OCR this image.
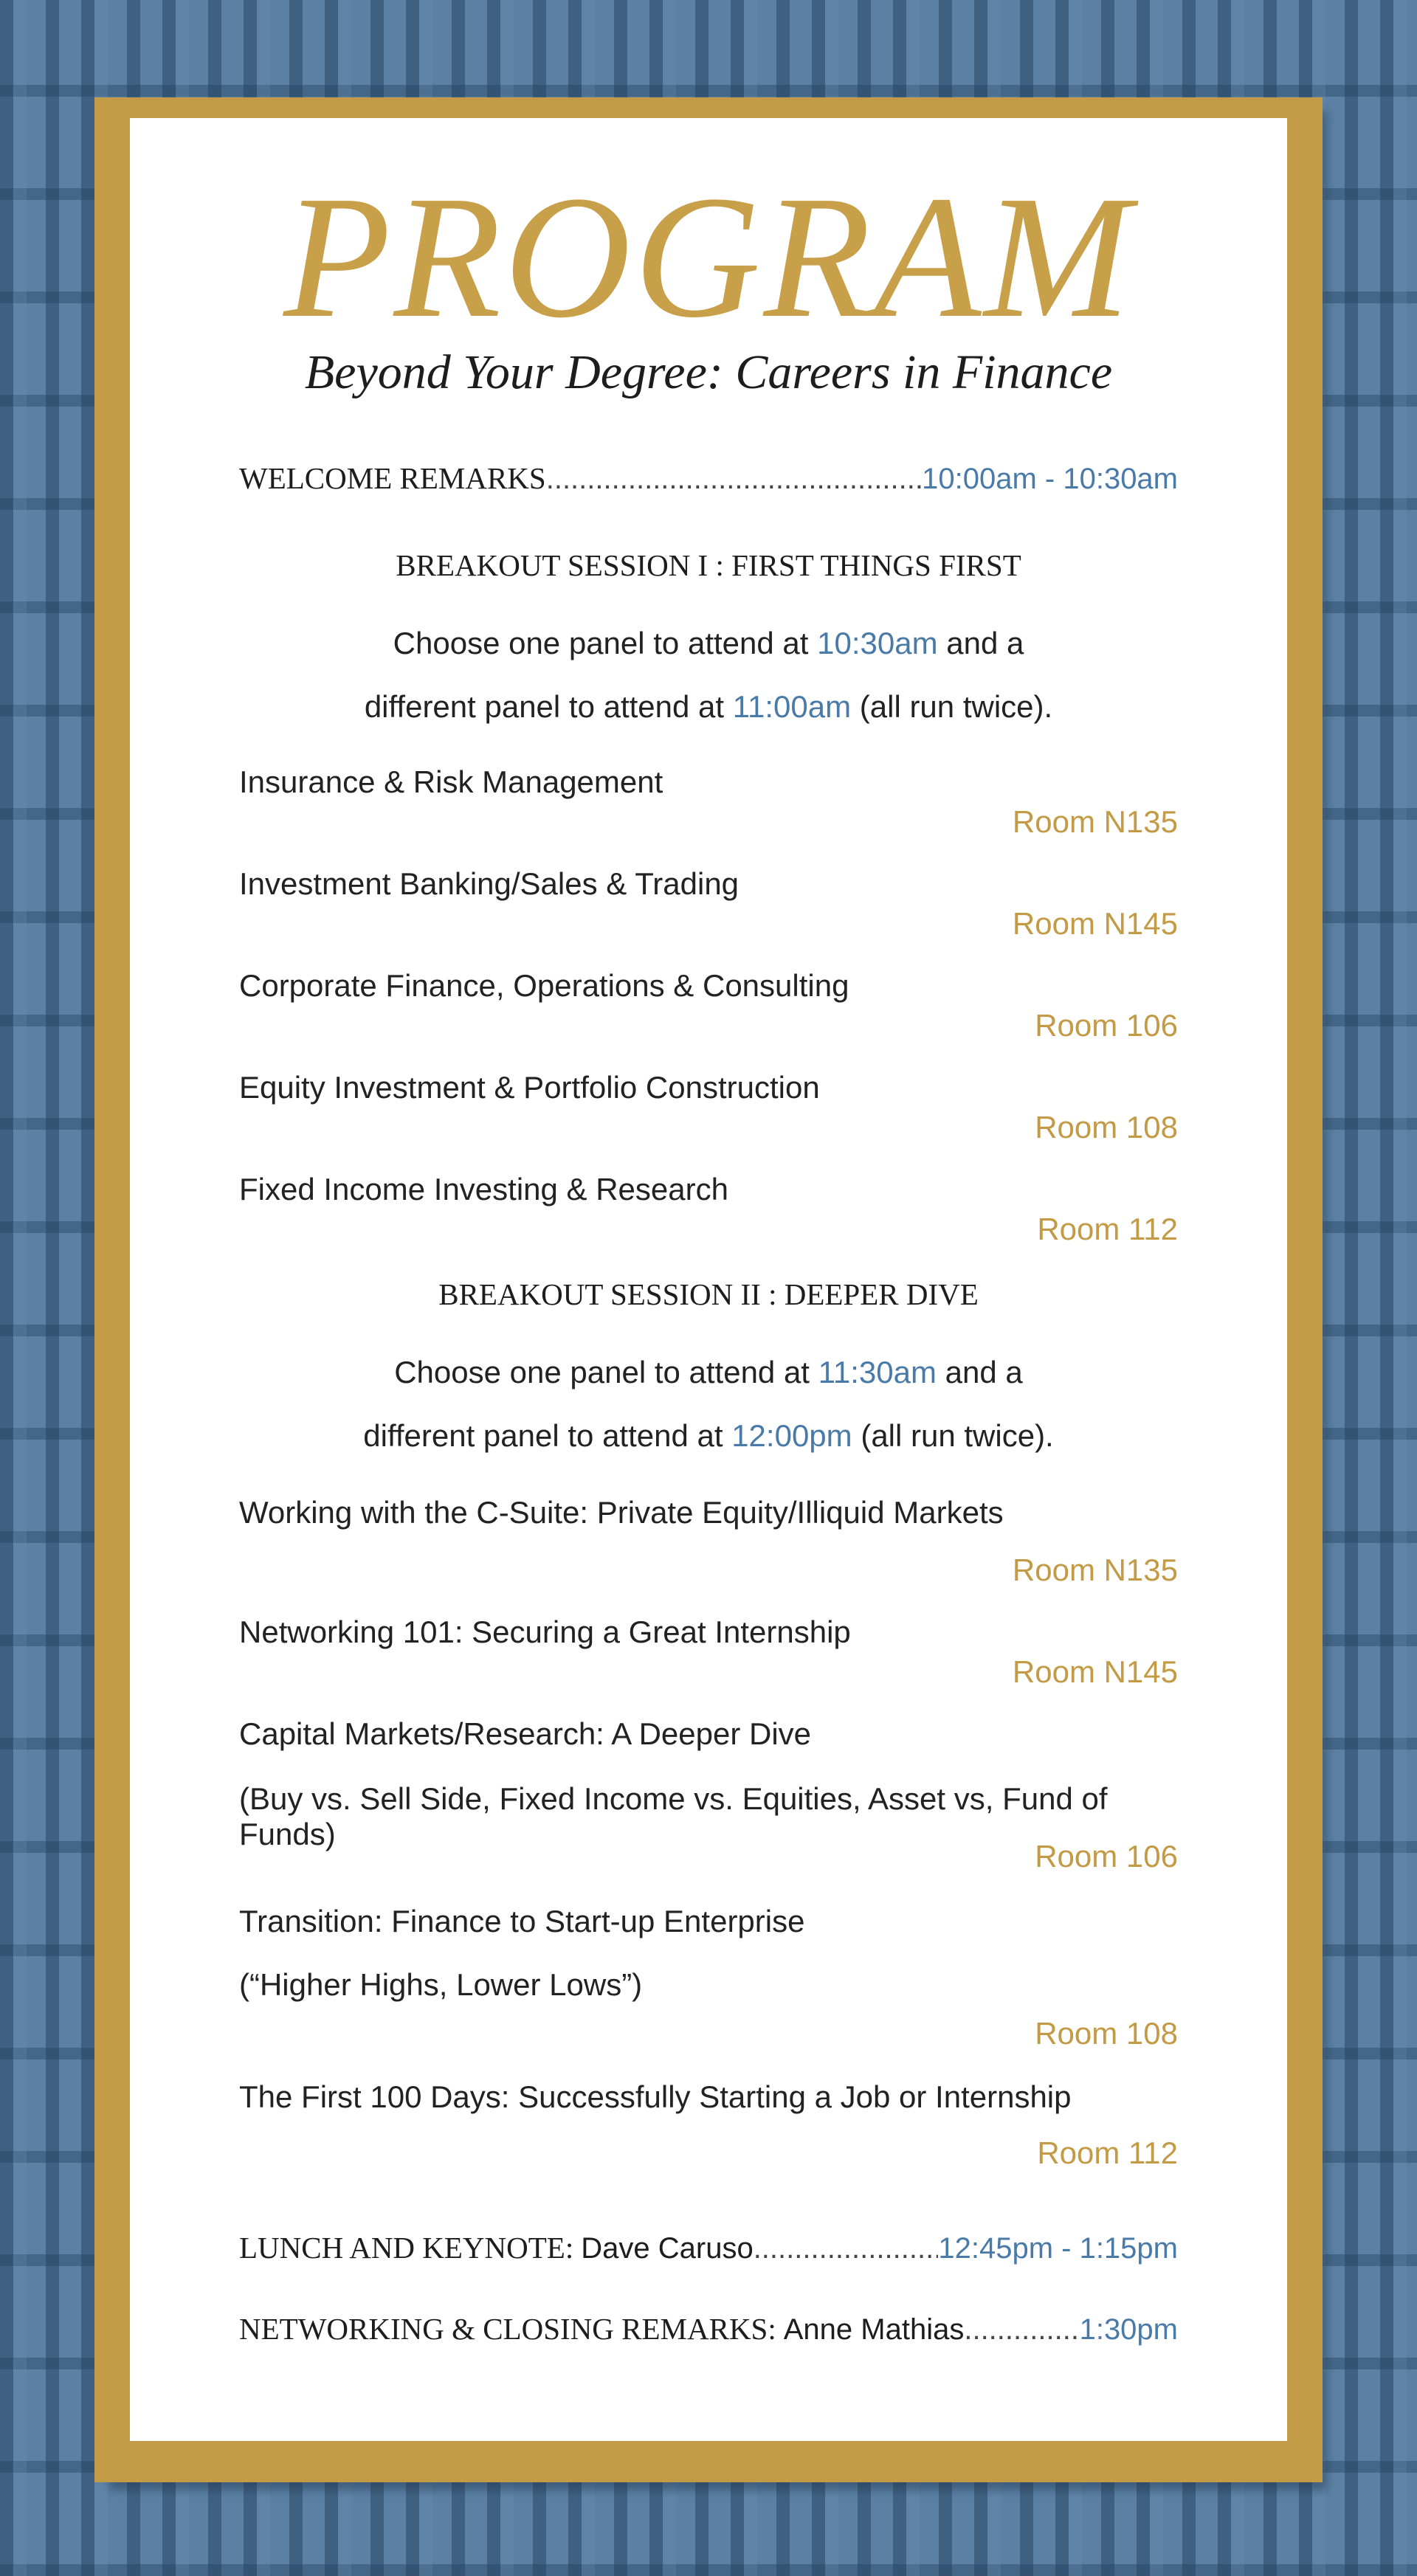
PROGRAM
Beyond Your Degree: Careers in Finance
WELCOME REMARKS .....	10:00am - 10:30am
BREAKOUT SESSION I : FIRST THINGS FIRST
Choose one panel to attend at 10:30am and a
different panel to attend at 11:00am (all run twice).
Insurance & Risk Management
Room N135
Investment Banking/Sales & Trading
Room N145
Corporate Finance, Operations & Consulting
Room 106
Equity Investment & Portfolio Construction
Room 108
Fixed Income Investing & Research
Room 112
BREAKOUT SESSION II : DEEPER DIVE
Choose one panel to attend at 11:30am and a
different panel to attend at 12:00pm (all run twice).
Working with the C-Suite: Private Equity/Illiquid Markets
Room N135
Networking 101: Securing a Great Internship
Room N145
Capital Markets/Research: A Deeper Dive
(Buy vs. Sell Side, Fixed Income vs. Equities, Asset vs, Fund of Funds)
Room 106
Transition: Finance to Start-up Enterprise
(“Higher Highs, Lower Lows”)
Room 108
The First 100 Days: Successfully Starting a Job or Internship
Room 112
LUNCH AND KEYNOTE: Dave Caruso .....	12:45pm - 1:15pm
NETWORKING & CLOSING REMARKS: Anne Mathias .....	1:30pm
